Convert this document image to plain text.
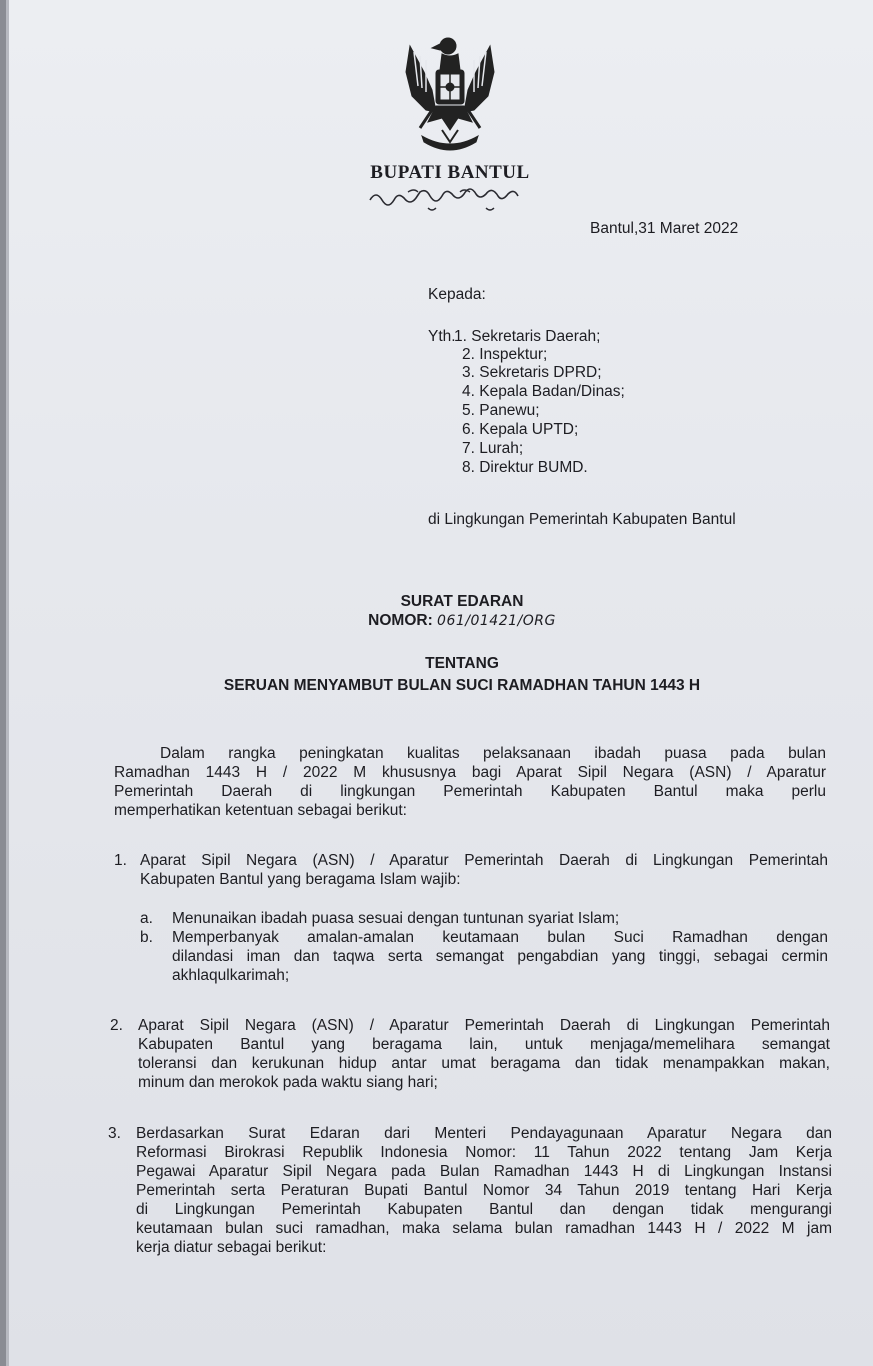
BUPATI BANTUL
Bantul,31 Maret 2022
Kepada:
Yth.
1. Sekretaris Daerah;
2. Inspektur;
3. Sekretaris DPRD;
4. Kepala Badan/Dinas;
5. Panewu;
6. Kepala UPTD;
7. Lurah;
8. Direktur BUMD.
di Lingkungan Pemerintah Kabupaten Bantul
SURAT EDARAN
NOMOR: 061/01421/ORG
TENTANG
SERUAN MENYAMBUT BULAN SUCI RAMADHAN TAHUN 1443 H
Dalam rangka peningkatan kualitas pelaksanaan ibadah puasa pada bulan
Ramadhan 1443 H / 2022 M khususnya bagi Aparat Sipil Negara (ASN) / Aparatur
Pemerintah Daerah di lingkungan Pemerintah Kabupaten Bantul maka perlu
memperhatikan ketentuan sebagai berikut:
1. Aparat Sipil Negara (ASN) / Aparatur Pemerintah Daerah di Lingkungan Pemerintah
Kabupaten Bantul yang beragama Islam wajib:
a. Menunaikan ibadah puasa sesuai dengan tuntunan syariat Islam;
b. Memperbanyak amalan-amalan keutamaan bulan Suci Ramadhan dengan
dilandasi iman dan taqwa serta semangat pengabdian yang tinggi, sebagai cermin
akhlaqulkarimah;
2. Aparat Sipil Negara (ASN) / Aparatur Pemerintah Daerah di Lingkungan Pemerintah
Kabupaten Bantul yang beragama lain, untuk menjaga/memelihara semangat
toleransi dan kerukunan hidup antar umat beragama dan tidak menampakkan makan,
minum dan merokok pada waktu siang hari;
3. Berdasarkan Surat Edaran dari Menteri Pendayagunaan Aparatur Negara dan
Reformasi Birokrasi Republik Indonesia Nomor: 11 Tahun 2022 tentang Jam Kerja
Pegawai Aparatur Sipil Negara pada Bulan Ramadhan 1443 H di Lingkungan Instansi
Pemerintah serta Peraturan Bupati Bantul Nomor 34 Tahun 2019 tentang Hari Kerja
di Lingkungan Pemerintah Kabupaten Bantul dan dengan tidak mengurangi
keutamaan bulan suci ramadhan, maka selama bulan ramadhan 1443 H / 2022 M jam
kerja diatur sebagai berikut:
